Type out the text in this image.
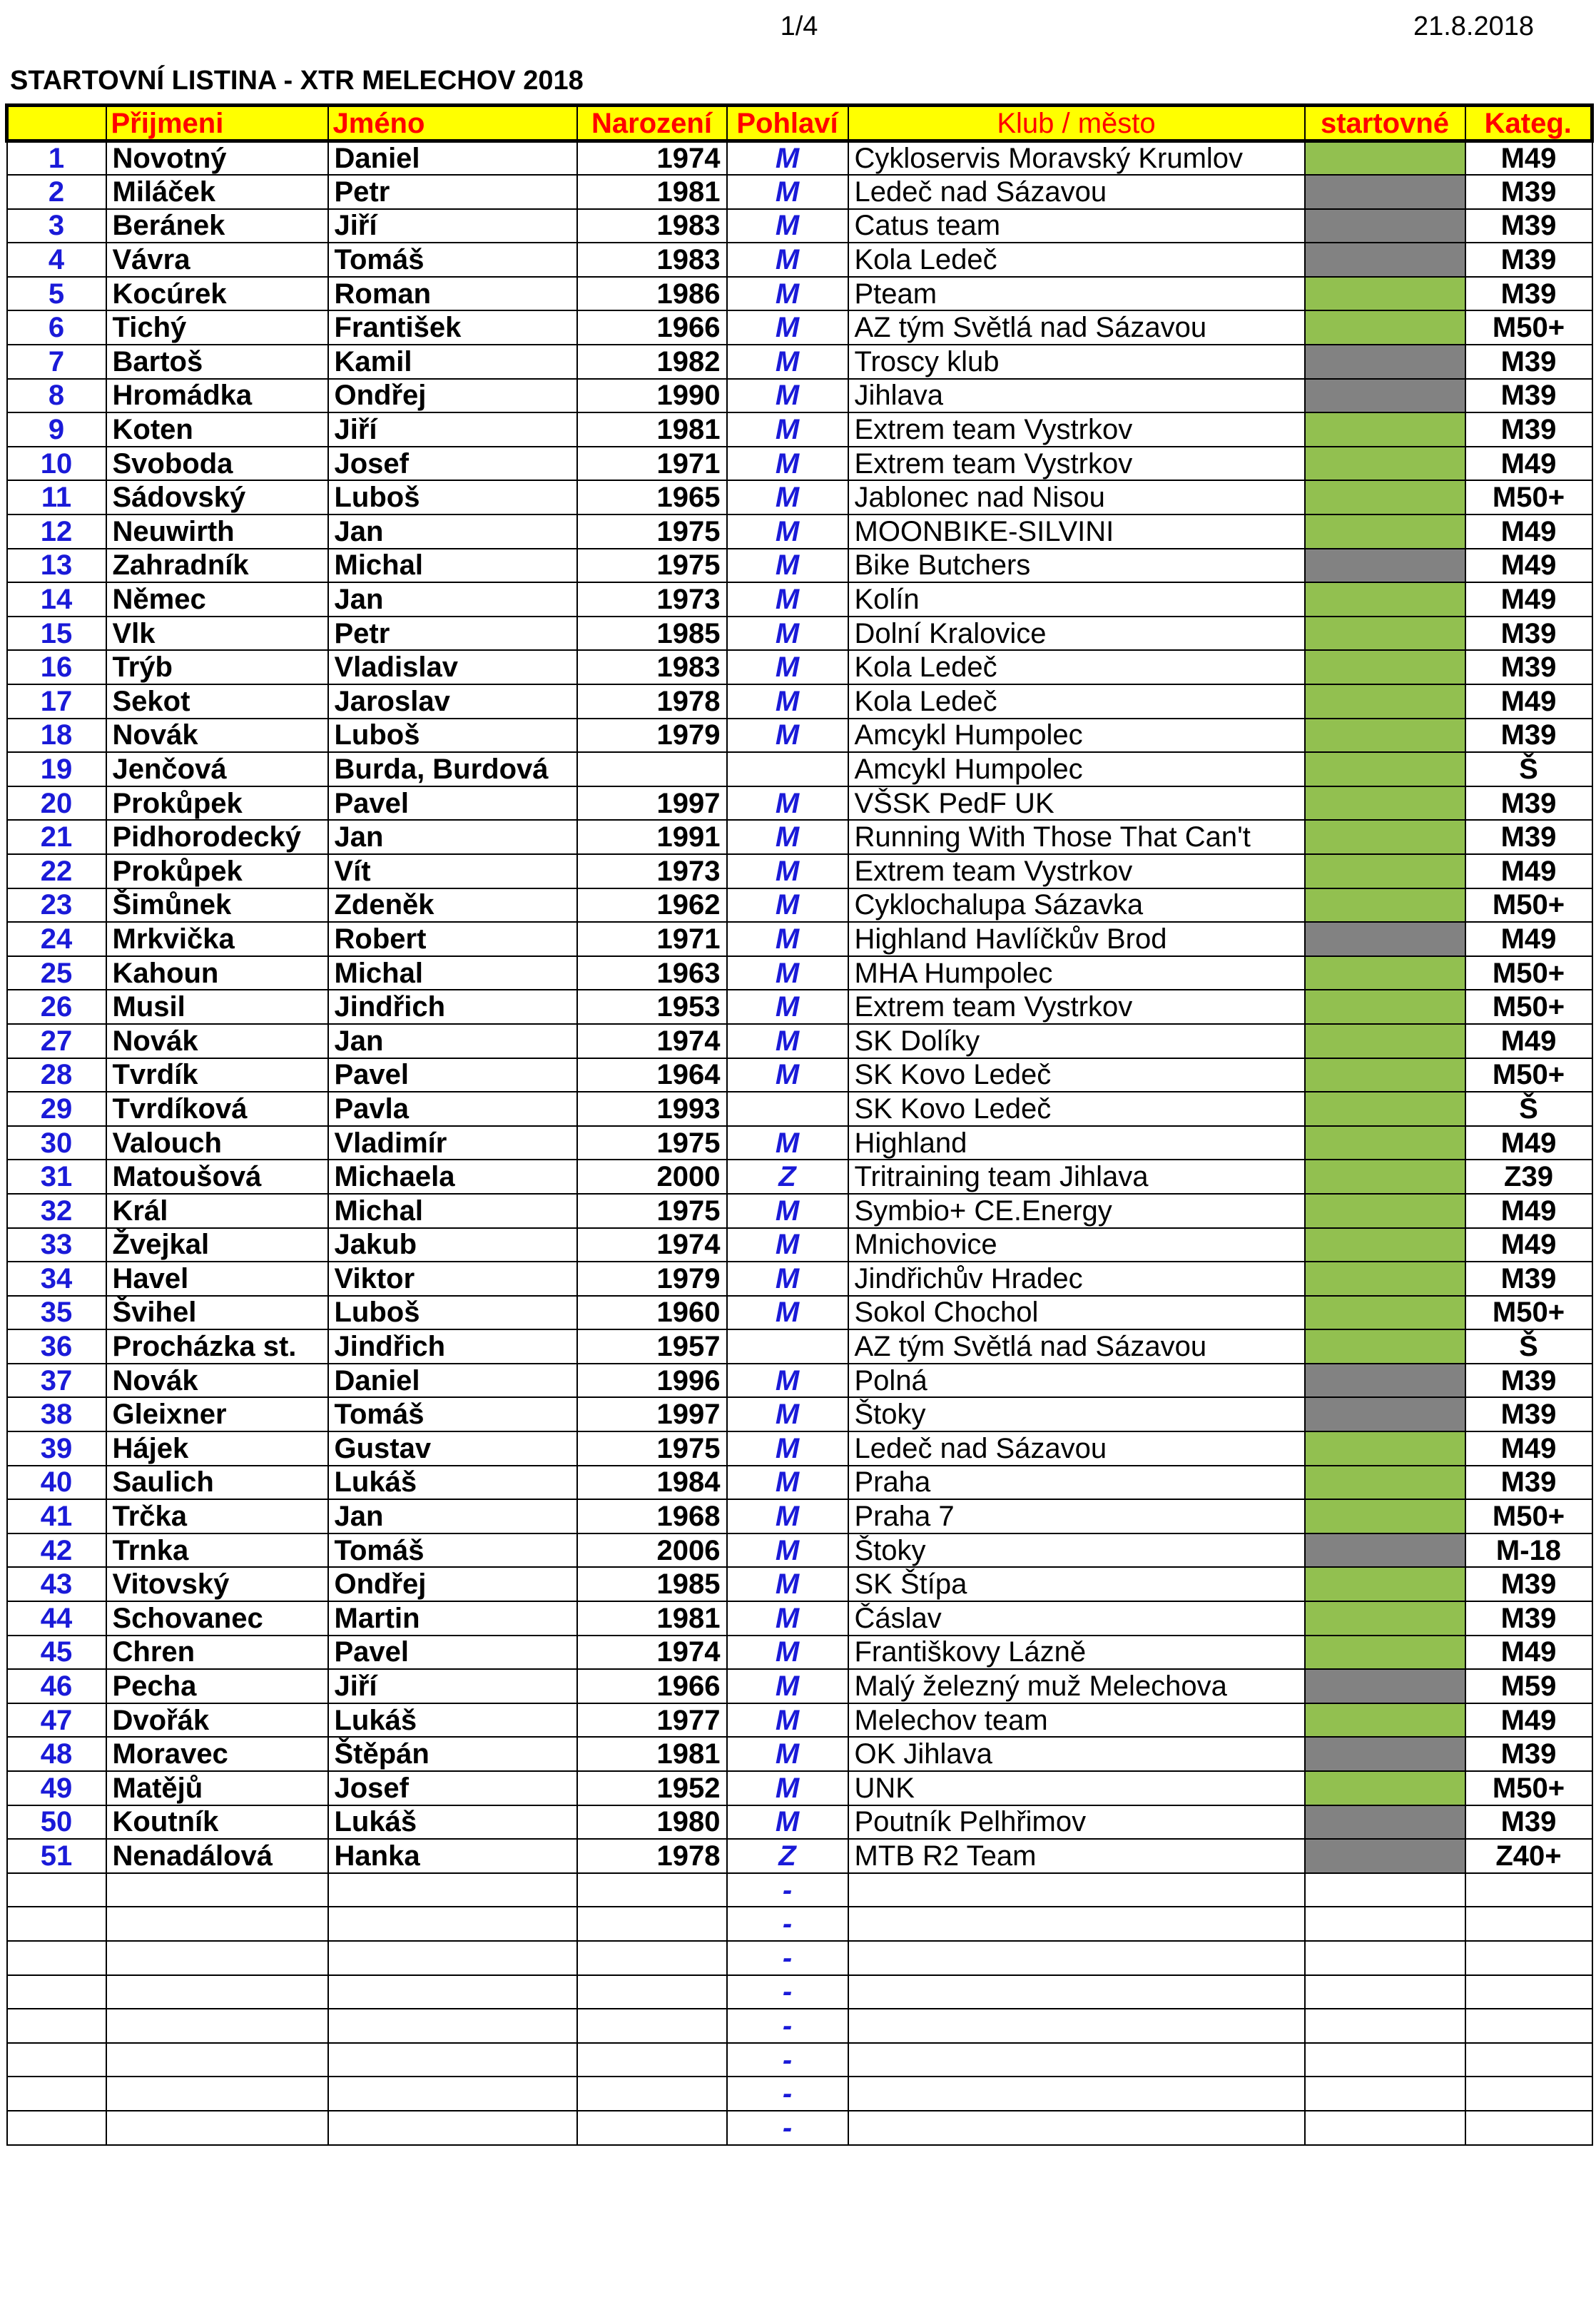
1/4	21.8.2018
STARTOVNÍ LISTINA - XTR MELECHOV 2018
	Přijmeni	Jméno	Narození	Pohlaví	Klub / město	startovné	Kateg.
1	Novotný	Daniel	1974	M	Cykloservis Moravský Krumlov		M49
2	Miláček	Petr	1981	M	Ledeč nad Sázavou		M39
3	Beránek	Jiří	1983	M	Catus team		M39
4	Vávra	Tomáš	1983	M	Kola Ledeč		M39
5	Kocúrek	Roman	1986	M	Pteam		M39
6	Tichý	František	1966	M	AZ tým Světlá nad Sázavou		M50+
7	Bartoš	Kamil	1982	M	Troscy klub		M39
8	Hromádka	Ondřej	1990	M	Jihlava		M39
9	Koten	Jiří	1981	M	Extrem team Vystrkov		M39
10	Svoboda	Josef	1971	M	Extrem team Vystrkov		M49
11	Sádovský	Luboš	1965	M	Jablonec nad Nisou		M50+
12	Neuwirth	Jan	1975	M	MOONBIKE-SILVINI		M49
13	Zahradník	Michal	1975	M	Bike Butchers		M49
14	Němec	Jan	1973	M	Kolín		M49
15	Vlk	Petr	1985	M	Dolní Kralovice		M39
16	Trýb	Vladislav	1983	M	Kola Ledeč		M39
17	Sekot	Jaroslav	1978	M	Kola Ledeč		M49
18	Novák	Luboš	1979	M	Amcykl Humpolec		M39
19	Jenčová	Burda, Burdová			Amcykl Humpolec		Š
20	Prokůpek	Pavel	1997	M	VŠSK PedF UK		M39
21	Pidhorodecký	Jan	1991	M	Running With Those That Can't		M39
22	Prokůpek	Vít	1973	M	Extrem team Vystrkov		M49
23	Šimůnek	Zdeněk	1962	M	Cyklochalupa Sázavka		M50+
24	Mrkvička	Robert	1971	M	Highland Havlíčkův Brod		M49
25	Kahoun	Michal	1963	M	MHA Humpolec		M50+
26	Musil	Jindřich	1953	M	Extrem team Vystrkov		M50+
27	Novák	Jan	1974	M	SK Dolíky		M49
28	Tvrdík	Pavel	1964	M	SK Kovo Ledeč		M50+
29	Tvrdíková	Pavla	1993		SK Kovo Ledeč		Š
30	Valouch	Vladimír	1975	M	Highland		M49
31	Matoušová	Michaela	2000	Z	Tritraining team Jihlava		Z39
32	Král	Michal	1975	M	Symbio+ CE.Energy		M49
33	Žvejkal	Jakub	1974	M	Mnichovice		M49
34	Havel	Viktor	1979	M	Jindřichův Hradec		M39
35	Švihel	Luboš	1960	M	Sokol Chochol		M50+
36	Procházka st.	Jindřich	1957		AZ tým Světlá nad Sázavou		Š
37	Novák	Daniel	1996	M	Polná		M39
38	Gleixner	Tomáš	1997	M	Štoky		M39
39	Hájek	Gustav	1975	M	Ledeč nad Sázavou		M49
40	Saulich	Lukáš	1984	M	Praha		M39
41	Trčka	Jan	1968	M	Praha 7		M50+
42	Trnka	Tomáš	2006	M	Štoky		M-18
43	Vitovský	Ondřej	1985	M	SK Štípa		M39
44	Schovanec	Martin	1981	M	Čáslav		M39
45	Chren	Pavel	1974	M	Františkovy Lázně		M49
46	Pecha	Jiří	1966	M	Malý železný muž Melechova		M59
47	Dvořák	Lukáš	1977	M	Melechov team		M49
48	Moravec	Štěpán	1981	M	OK Jihlava		M39
49	Matějů	Josef	1952	M	UNK		M50+
50	Koutník	Lukáš	1980	M	Poutník Pelhřimov		M39
51	Nenadálová	Hanka	1978	Z	MTB R2 Team		Z40+
				-			
				-			
				-			
				-			
				-			
				-			
				-			
				-			
